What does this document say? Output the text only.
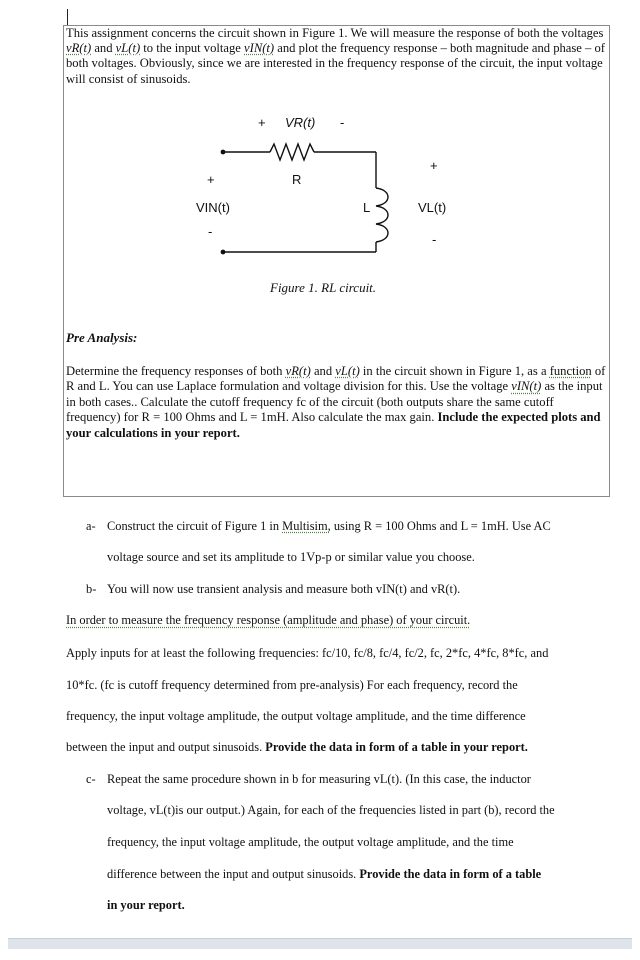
This assignment concerns the circuit shown in Figure 1. We will measure the response of both the voltages vR(t) and vL(t) to the input voltage vIN(t) and plot the frequency response – both magnitude and phase – of both voltages. Obviously, since we are interested in the frequency response of the circuit, the input voltage will consist of sinusoids.

+ VR(t) -
R
L
+
VIN(t)
-
+
VL(t)
-
Figure 1. RL circuit.

Pre Analysis:

Determine the frequency responses of both vR(t) and vL(t) in the circuit shown in Figure 1, as a function of R and L. You can use Laplace formulation and voltage division for this. Use the voltage vIN(t) as the input in both cases.. Calculate the cutoff frequency fc of the circuit (both outputs share the same cutoff frequency) for R = 100 Ohms and L = 1mH. Also calculate the max gain. Include the expected plots and your calculations in your report.

a- Construct the circuit of Figure 1 in Multisim, using R = 100 Ohms and L = 1mH. Use AC

voltage source and set its amplitude to 1Vp-p or similar value you choose.

b- You will now use transient analysis and measure both vIN(t) and vR(t).

In order to measure the frequency response (amplitude and phase) of your circuit.

Apply inputs for at least the following frequencies: fc/10, fc/8, fc/4, fc/2, fc, 2*fc, 4*fc, 8*fc, and

10*fc. (fc is cutoff frequency determined from pre-analysis) For each frequency, record the

frequency, the input voltage amplitude, the output voltage amplitude, and the time difference

between the input and output sinusoids. Provide the data in form of a table in your report.

c- Repeat the same procedure shown in b for measuring vL(t). (In this case, the inductor

voltage, vL(t)is our output.) Again, for each of the frequencies listed in part (b), record the

frequency, the input voltage amplitude, the output voltage amplitude, and the time

difference between the input and output sinusoids. Provide the data in form of a table

in your report.
